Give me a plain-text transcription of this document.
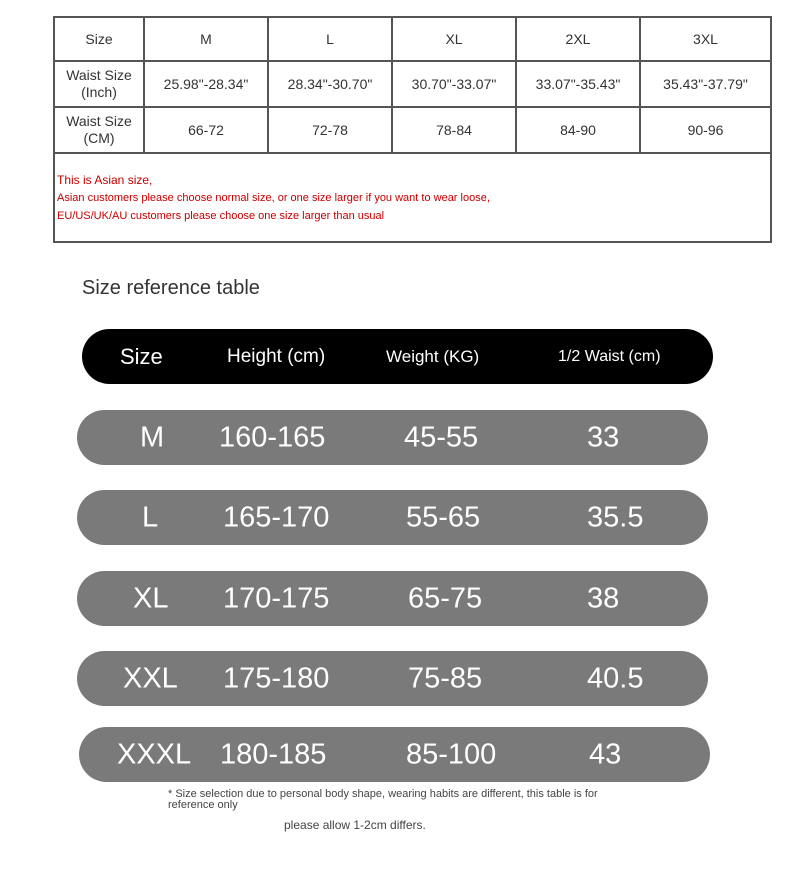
Size	M	L	XL	2XL	3XL
Waist Size
(Inch)	25.98"-28.34"	28.34"-30.70"	30.70"-33.07"	33.07"-35.43"	35.43"-37.79"
Waist Size
(CM)	66-72	72-78	78-84	84-90	90-96

This is Asian size,
Asian customers please choose normal size, or one size larger if you want to wear loose,
EU/US/UK/AU customers please choose one size larger than usual					
Size reference table
Size	Height (cm)	Weight (KG)	1/2 Waist (cm)
M 160-165	45-55	33
L 165-170	55-65	35.5
XL 170-175	65-75	38
XXL 175-180	75-85	40.5
XXXL 180-185	85-100	43
* Size selection due to personal body shape, wearing habits are different, this table is for reference only
please allow 1-2cm differs.
